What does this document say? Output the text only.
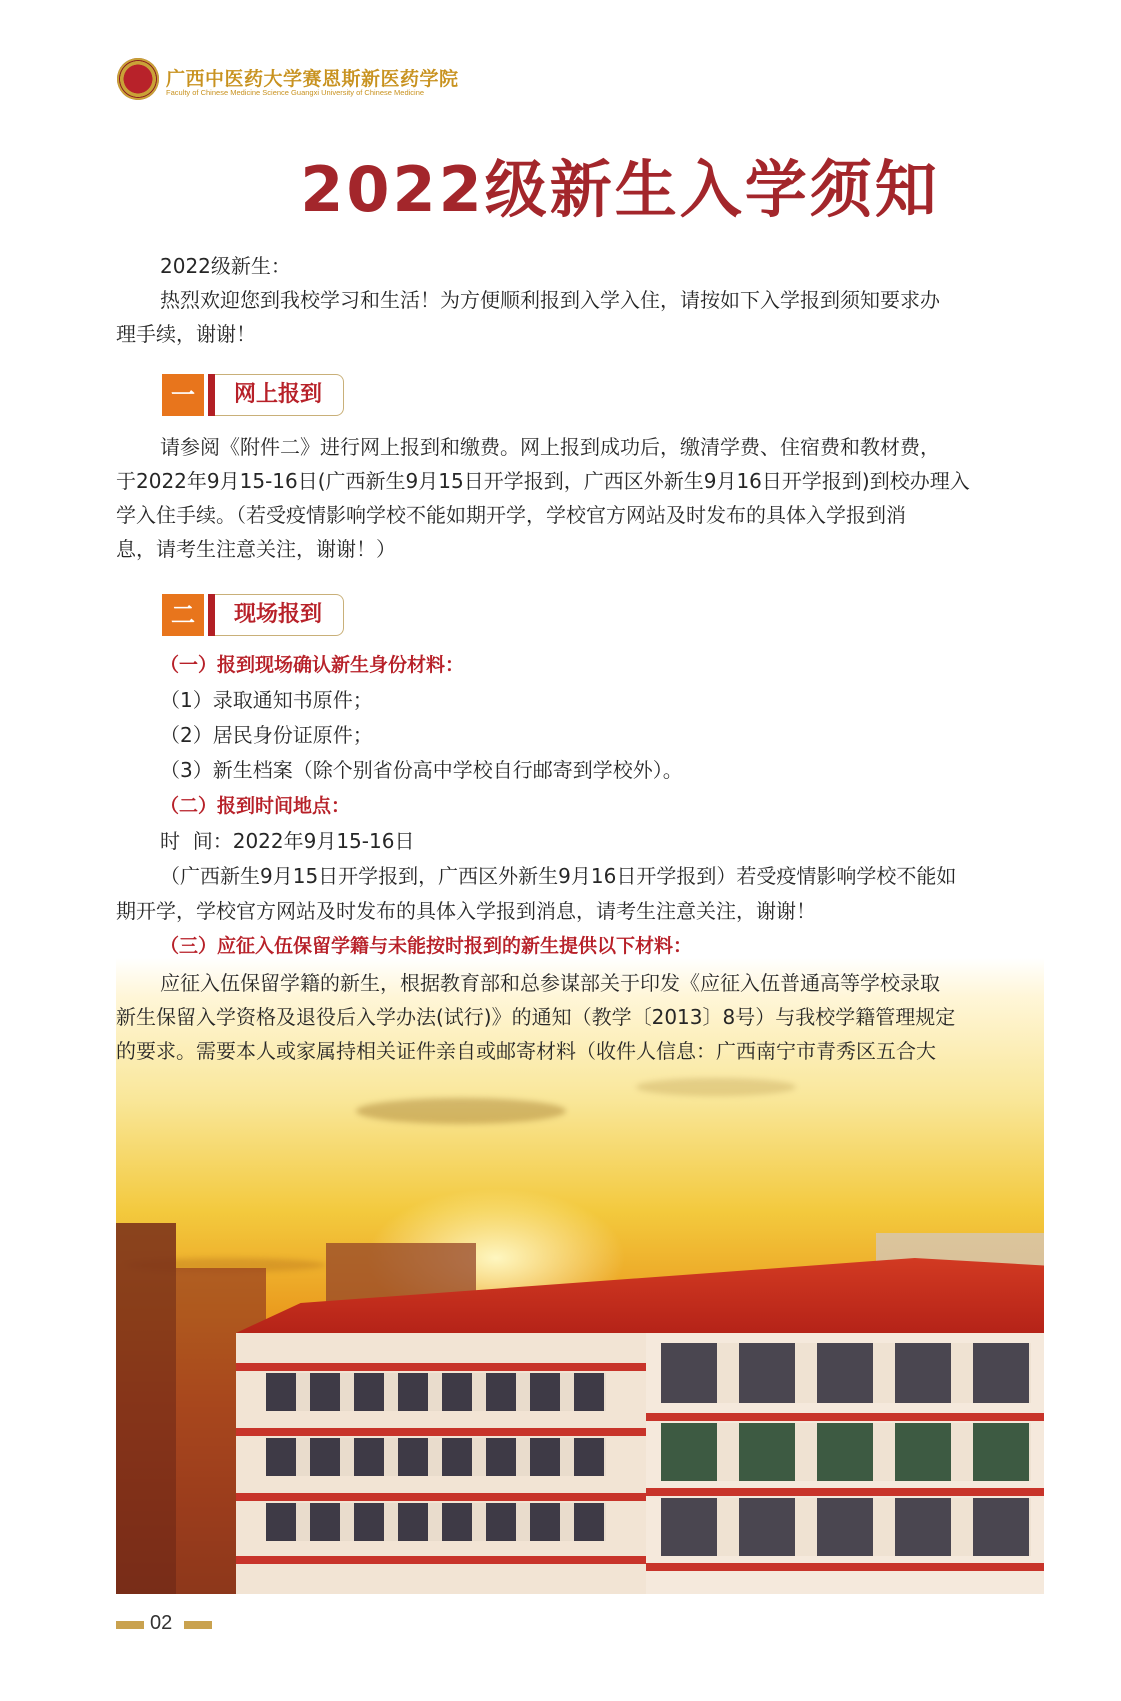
广西中医药大学赛恩斯新医药学院
Faculty of Chinese Medicine Science Guangxi University of Chinese Medicine
2022级新生入学须知
2022级新生：
热烈欢迎您到我校学习和生活！为方便顺利报到入学入住，请按如下入学报到须知要求办
理手续，谢谢！
一	网上报到
请参阅《附件二》进行网上报到和缴费。网上报到成功后，缴清学费、住宿费和教材费，
于2022年9月15-16日(广西新生9月15日开学报到，广西区外新生9月16日开学报到)到校办理入
学入住手续。（若受疫情影响学校不能如期开学，学校官方网站及时发布的具体入学报到消
息，请考生注意关注，谢谢！）
二	现场报到
（一）报到现场确认新生身份材料：
（1）录取通知书原件；
（2）居民身份证原件；
（3）新生档案（除个别省份高中学校自行邮寄到学校外）。
（二）报到时间地点：
时  间：2022年9月15-16日
（广西新生9月15日开学报到，广西区外新生9月16日开学报到）若受疫情影响学校不能如
期开学，学校官方网站及时发布的具体入学报到消息，请考生注意关注，谢谢！
（三）应征入伍保留学籍与未能按时报到的新生提供以下材料：
应征入伍保留学籍的新生，根据教育部和总参谋部关于印发《应征入伍普通高等学校录取
新生保留入学资格及退役后入学办法(试行)》的通知（教学〔2013〕8号）与我校学籍管理规定
的要求。需要本人或家属持相关证件亲自或邮寄材料（收件人信息：广西南宁市青秀区五合大
02
